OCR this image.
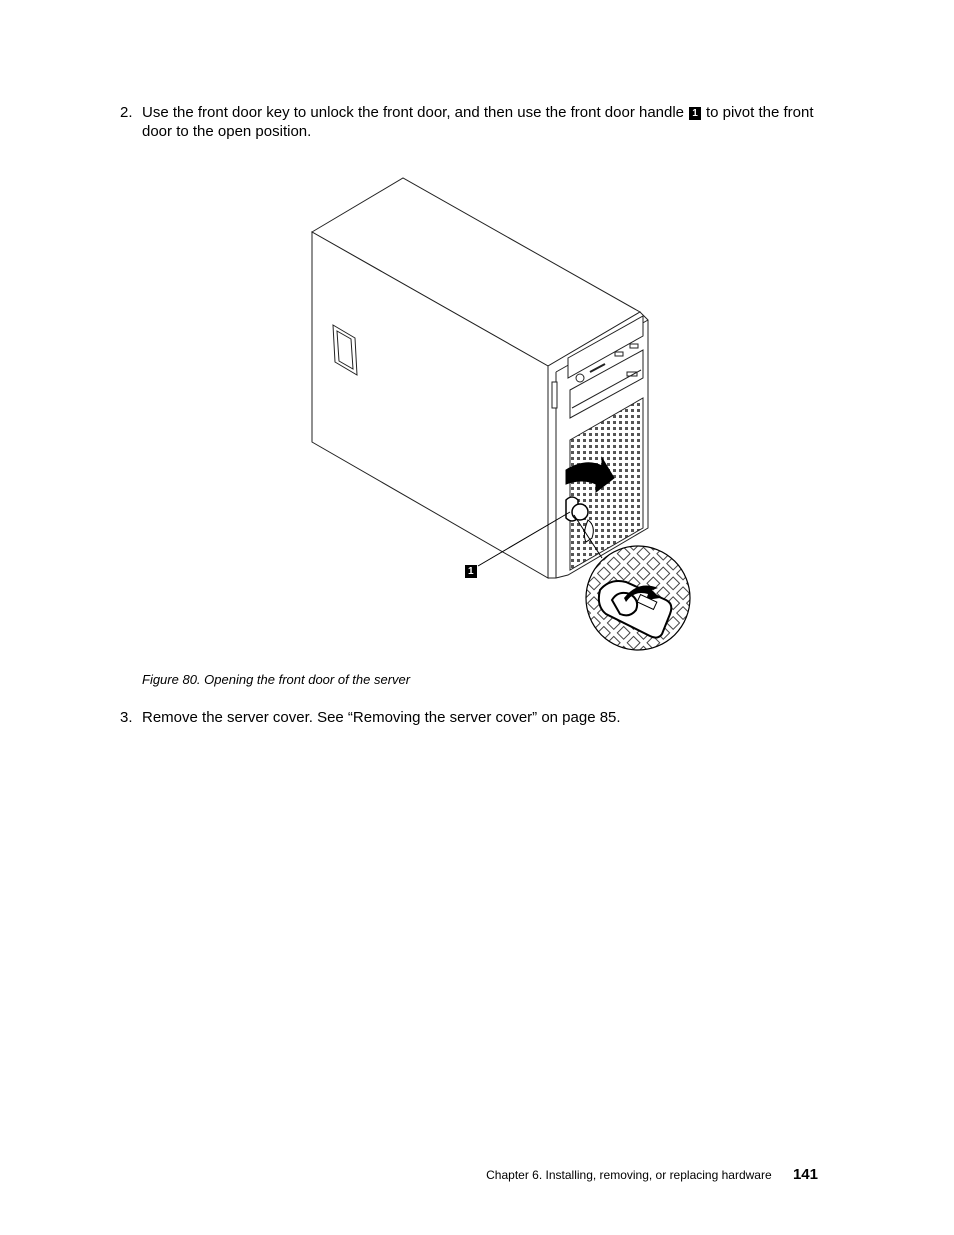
2. Use the front door key to unlock the front door, and then use the front door handle 1 to pivot the front door to the open position.
1
Figure 80. Opening the front door of the server
3. Remove the server cover. See “Removing the server cover” on page 85.
Chapter 6. Installing, removing, or replacing hardware 141
